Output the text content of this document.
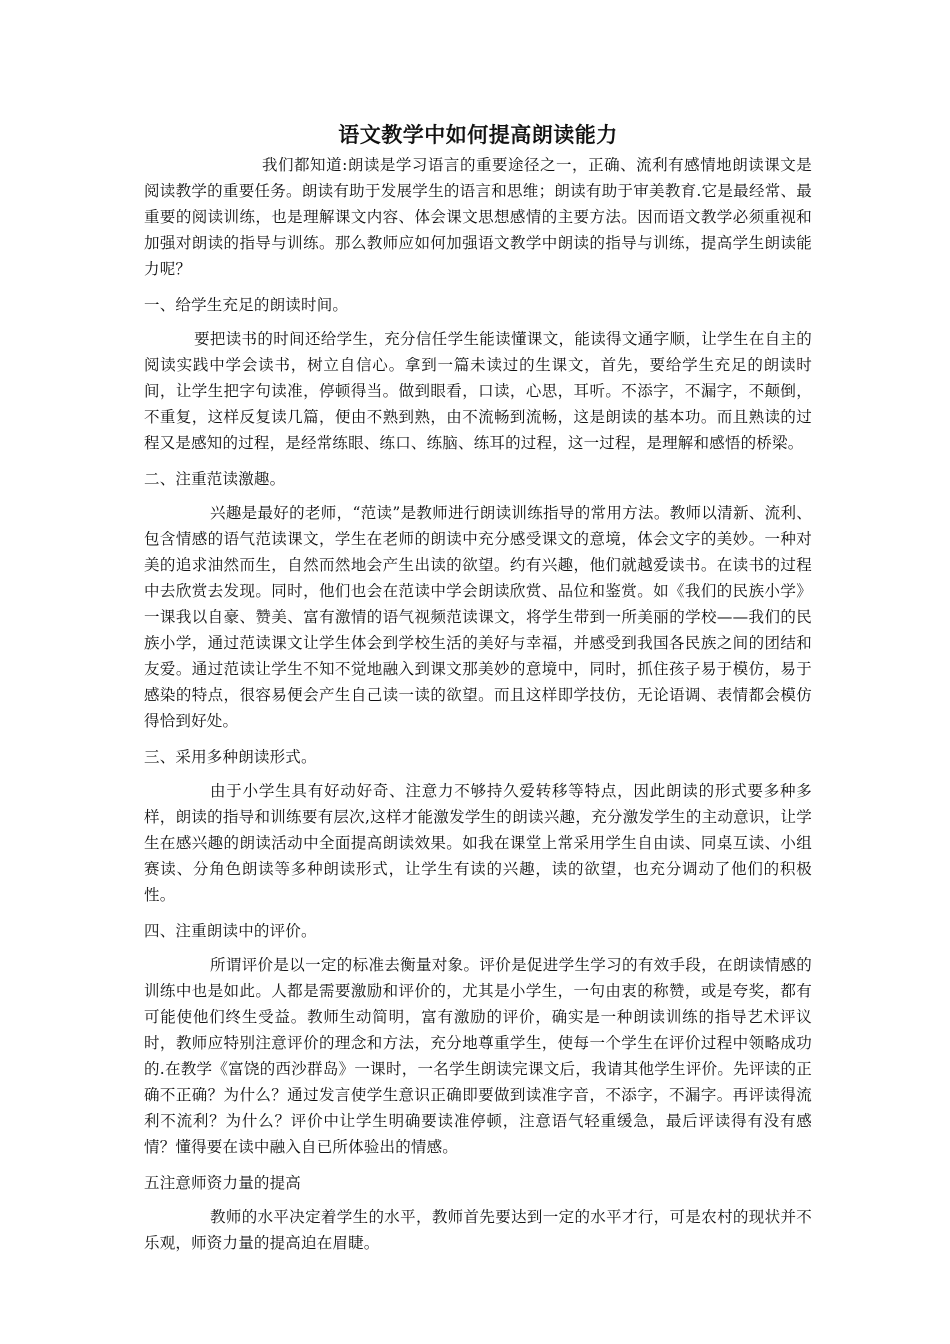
语文教学中如何提高朗读能力

我们都知道:朗读是学习语言的重要途径之一，正确、流利有感情地朗读课文是阅读教学的重要任务。朗读有助于发展学生的语言和思维；朗读有助于审美教育.它是最经常、最重要的阅读训练，也是理解课文内容、体会课文思想感情的主要方法。因而语文教学必须重视和加强对朗读的指导与训练。那么教师应如何加强语文教学中朗读的指导与训练，提高学生朗读能力呢？

一、给学生充足的朗读时间。

要把读书的时间还给学生，充分信任学生能读懂课文，能读得文通字顺，让学生在自主的阅读实践中学会读书，树立自信心。拿到一篇未读过的生课文，首先，要给学生充足的朗读时间，让学生把字句读准，停顿得当。做到眼看，口读，心思，耳听。不添字，不漏字，不颠倒，不重复，这样反复读几篇，便由不熟到熟，由不流畅到流畅，这是朗读的基本功。而且熟读的过程又是感知的过程，是经常练眼、练口、练脑、练耳的过程，这一过程，是理解和感悟的桥梁。

二、注重范读激趣。

兴趣是最好的老师，“范读”是教师进行朗读训练指导的常用方法。教师以清新、流利、包含情感的语气范读课文，学生在老师的朗读中充分感受课文的意境，体会文字的美妙。一种对美的追求油然而生，自然而然地会产生出读的欲望。约有兴趣，他们就越爱读书。在读书的过程中去欣赏去发现。同时，他们也会在范读中学会朗读欣赏、品位和鉴赏。如《我们的民族小学》一课我以自豪、赞美、富有激情的语气视频范读课文，将学生带到一所美丽的学校——我们的民族小学，通过范读课文让学生体会到学校生活的美好与幸福，并感受到我国各民族之间的团结和友爱。通过范读让学生不知不觉地融入到课文那美妙的意境中，同时，抓住孩子易于模仿，易于感染的特点，很容易便会产生自己读一读的欲望。而且这样即学技仿，无论语调、表情都会模仿得恰到好处。

三、采用多种朗读形式。

由于小学生具有好动好奇、注意力不够持久爱转移等特点，因此朗读的形式要多种多样，朗读的指导和训练要有层次,这样才能激发学生的朗读兴趣，充分激发学生的主动意识，让学生在感兴趣的朗读活动中全面提高朗读效果。如我在课堂上常采用学生自由读、同桌互读、小组赛读、分角色朗读等多种朗读形式，让学生有读的兴趣，读的欲望，也充分调动了他们的积极性。

四、注重朗读中的评价。

所谓评价是以一定的标准去衡量对象。评价是促进学生学习的有效手段，在朗读情感的训练中也是如此。人都是需要激励和评价的，尤其是小学生，一句由衷的称赞，或是夸奖，都有可能使他们终生受益。教师生动简明，富有激励的评价，确实是一种朗读训练的指导艺术评议时，教师应特别注意评价的理念和方法，充分地尊重学生，使每一个学生在评价过程中领略成功的.在教学《富饶的西沙群岛》一课时，一名学生朗读完课文后，我请其他学生评价。先评读的正确不正确？为什么？通过发言使学生意识正确即要做到读准字音，不添字，不漏字。再评读得流利不流利？为什么？评价中让学生明确要读准停顿，注意语气轻重缓急，最后评读得有没有感情？懂得要在读中融入自已所体验出的情感。

五注意师资力量的提高

教师的水平决定着学生的水平，教师首先要达到一定的水平才行，可是农村的现状并不乐观，师资力量的提高迫在眉睫。
